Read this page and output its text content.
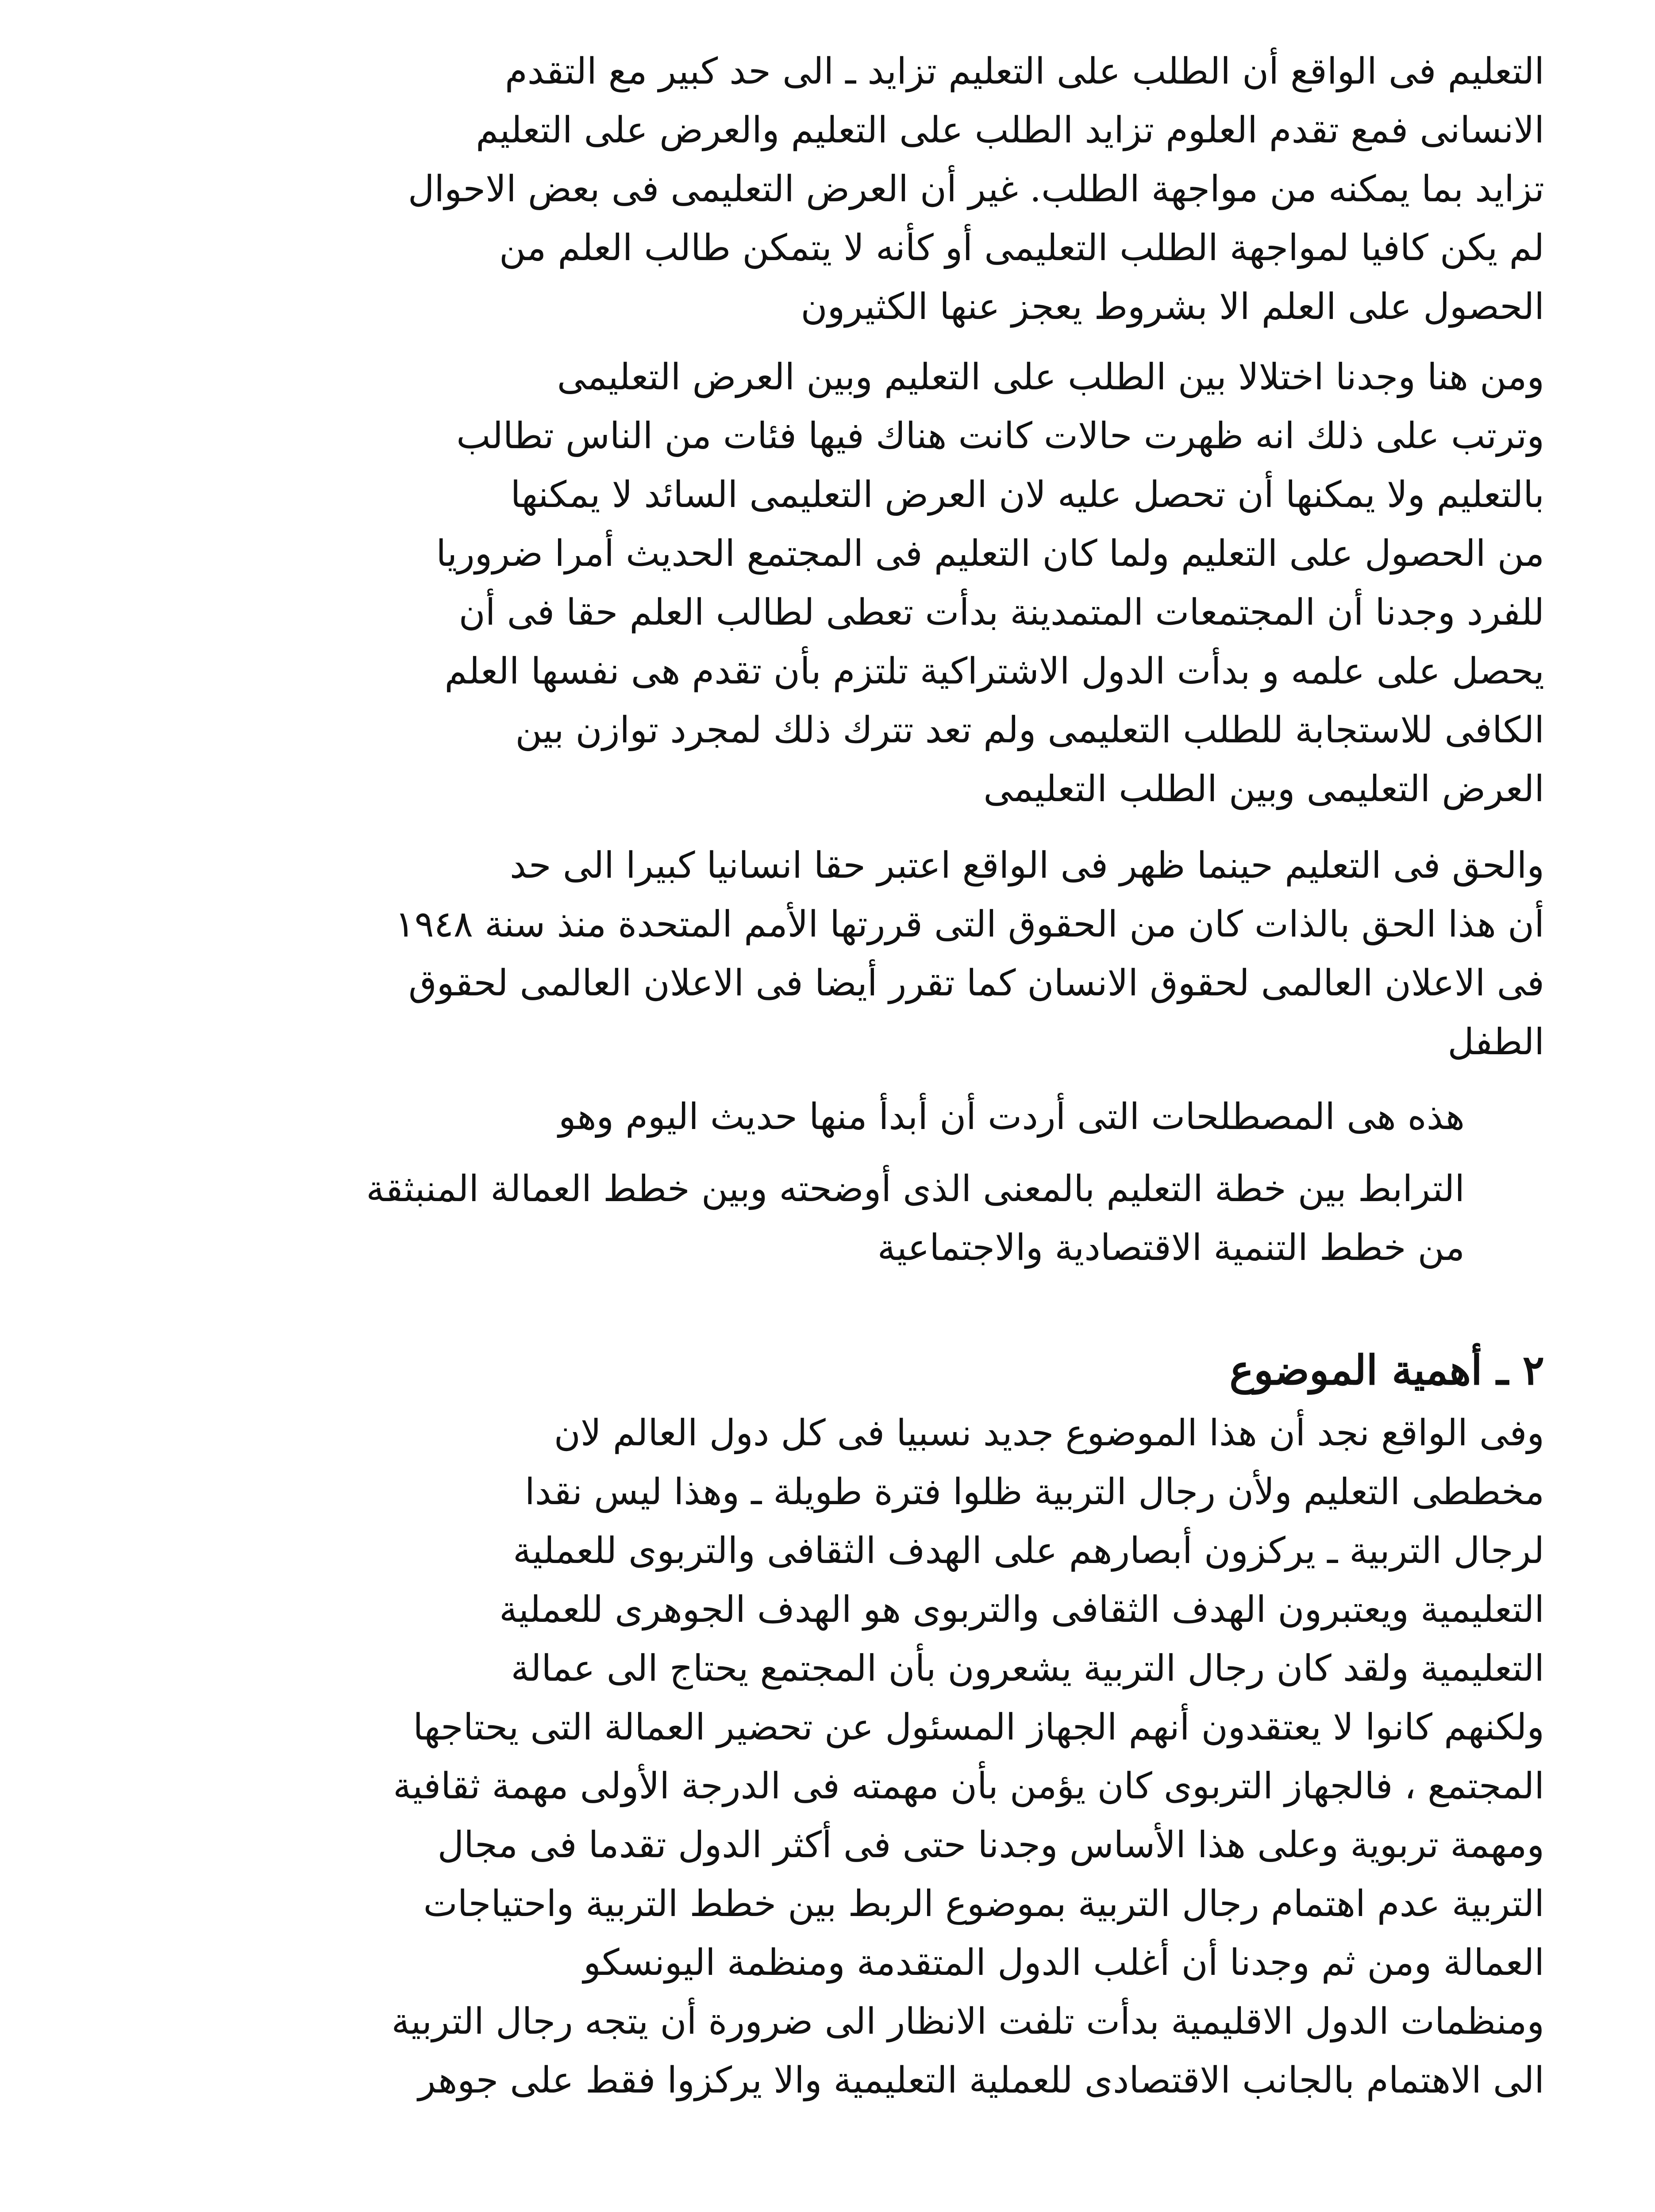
التعليم فى الواقع أن الطلب على التعليم تزايد ـ الى حد كبير مع التقدم
الانسانى فمع تقدم العلوم تزايد الطلب على التعليم والعرض على التعليم
تزايد بما يمكنه من مواجهة الطلب. غير أن العرض التعليمى فى بعض الاحوال
لم يكن كافيا لمواجهة الطلب التعليمى أو كأنه لا يتمكن طالب العلم من
الحصول على العلم الا بشروط يعجز عنها الكثيرون

ومن هنا وجدنا اختلالا بين الطلب على التعليم وبين العرض التعليمى
وترتب على ذلك انه ظهرت حالات كانت هناك فيها فئات من الناس تطالب
بالتعليم ولا يمكنها أن تحصل عليه لان العرض التعليمى السائد لا يمكنها
من الحصول على التعليم ولما كان التعليم فى المجتمع الحديث أمرا ضروريا
للفرد وجدنا أن المجتمعات المتمدينة بدأت تعطى لطالب العلم حقا فى أن
يحصل على علمه و بدأت الدول الاشتراكية تلتزم بأن تقدم هى نفسها العلم
الكافى للاستجابة للطلب التعليمى ولم تعد تترك ذلك لمجرد توازن بين
العرض التعليمى وبين الطلب التعليمى

والحق فى التعليم حينما ظهر فى الواقع اعتبر حقا انسانيا كبيرا الى حد
أن هذا الحق بالذات كان من الحقوق التى قررتها الأمم المتحدة منذ سنة ١٩٤٨
فى الاعلان العالمى لحقوق الانسان كما تقرر أيضا فى الاعلان العالمى لحقوق
الطفل

هذه هى المصطلحات التى أردت أن أبدأ منها حديث اليوم وهو

الترابط بين خطة التعليم بالمعنى الذى أوضحته وبين خطط العمالة المنبثقة
من خطط التنمية الاقتصادية والاجتماعية

٢ ـ أهمية الموضوع

وفى الواقع نجد أن هذا الموضوع جديد نسبيا فى كل دول العالم لان
مخططى التعليم ولأن رجال التربية ظلوا فترة طويلة ـ وهذا ليس نقدا
لرجال التربية ـ يركزون أبصارهم على الهدف الثقافى والتربوى للعملية
التعليمية ويعتبرون الهدف الثقافى والتربوى هو الهدف الجوهرى للعملية
التعليمية ولقد كان رجال التربية يشعرون بأن المجتمع يحتاج الى عمالة
ولكنهم كانوا لا يعتقدون أنهم الجهاز المسئول عن تحضير العمالة التى يحتاجها
المجتمع ، فالجهاز التربوى كان يؤمن بأن مهمته فى الدرجة الأولى مهمة ثقافية
ومهمة تربوية وعلى هذا الأساس وجدنا حتى فى أكثر الدول تقدما فى مجال
التربية عدم اهتمام رجال التربية بموضوع الربط بين خطط التربية واحتياجات
العمالة ومن ثم وجدنا أن أغلب الدول المتقدمة ومنظمة اليونسكو
ومنظمات الدول الاقليمية بدأت تلفت الانظار الى ضرورة أن يتجه رجال التربية
الى الاهتمام بالجانب الاقتصادى للعملية التعليمية والا يركزوا فقط على جوهر
